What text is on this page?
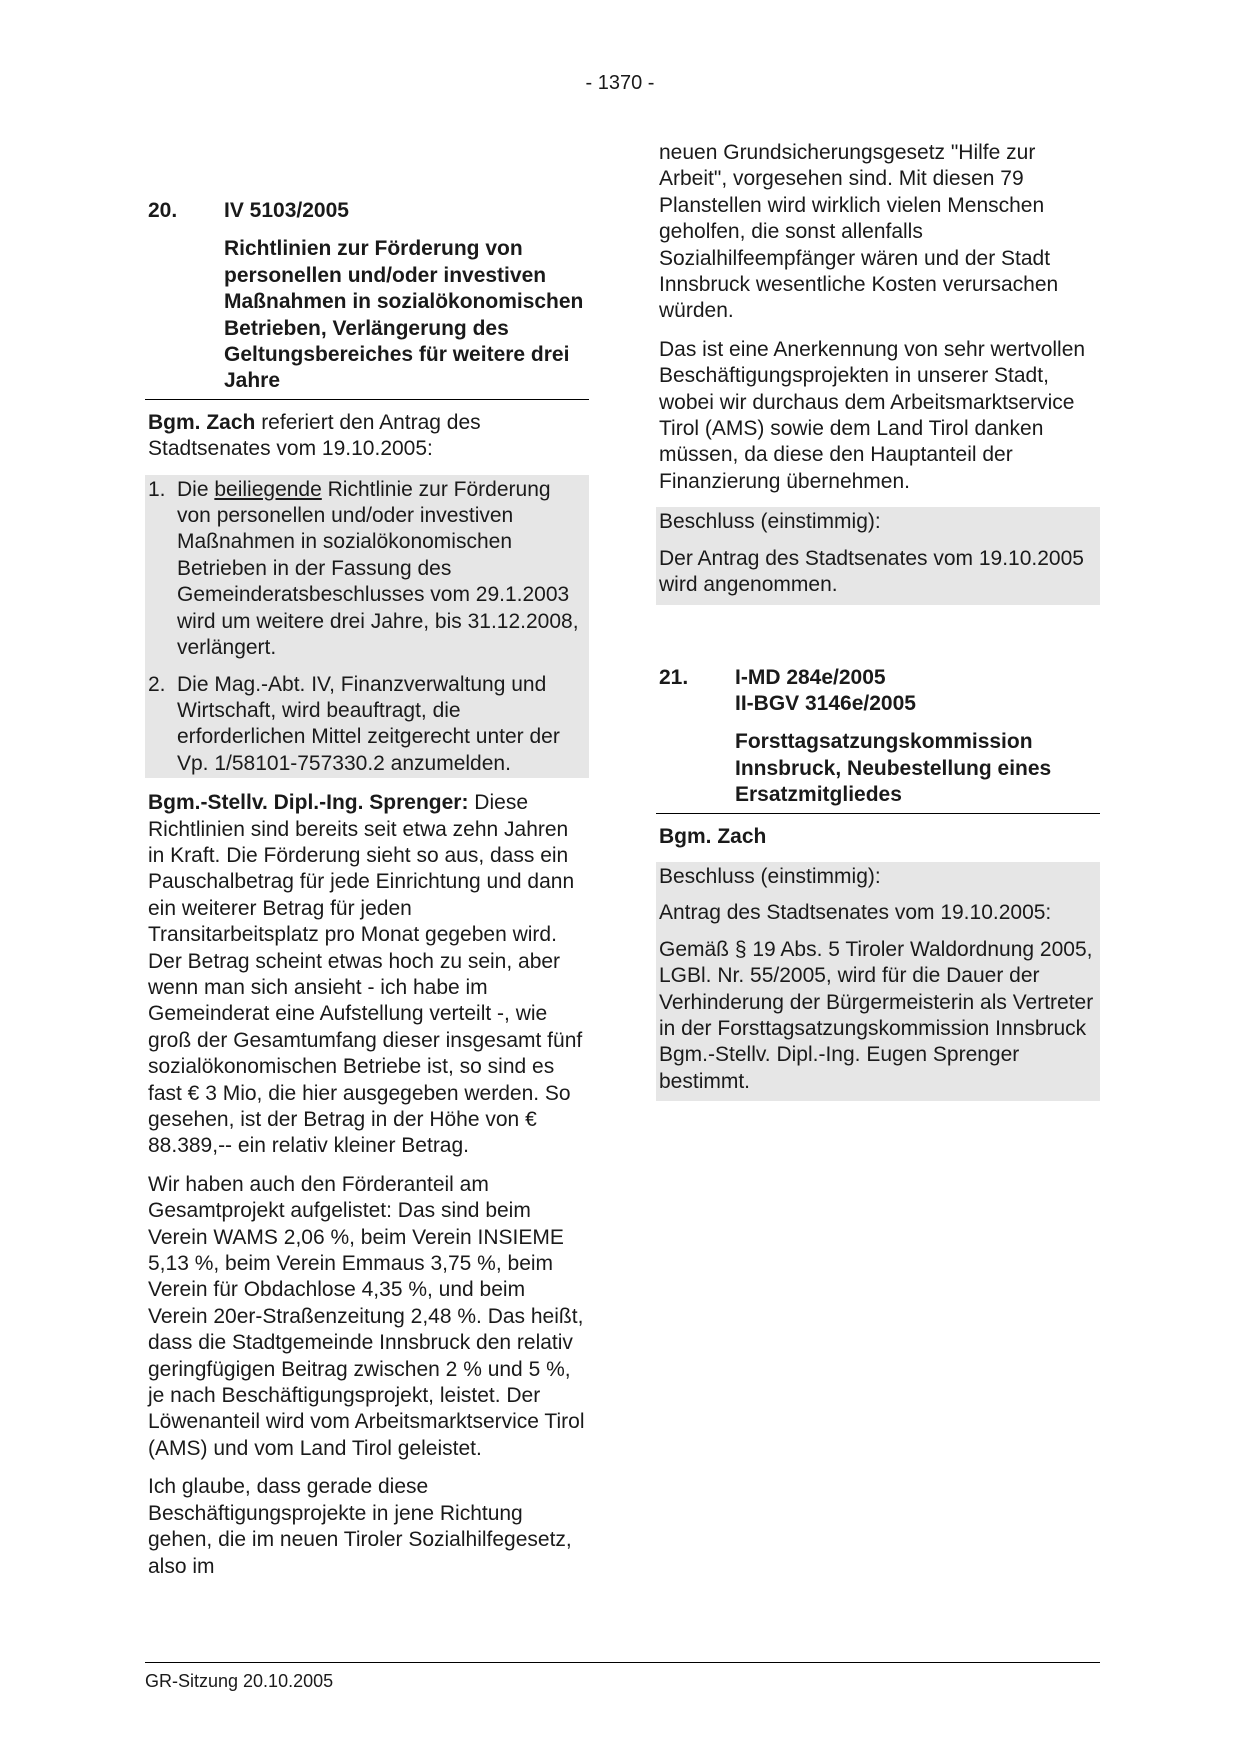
- 1370 -
20.	IV 5103/2005
Richtlinien zur Förderung von personellen und/oder investiven Maßnahmen in sozialökonomischen Betrieben, Verlängerung des Geltungsbereiches für weitere drei Jahre

Bgm. Zach referiert den Antrag des Stadtsenates vom 19.10.2005:

1. Die beiliegende Richtlinie zur Förderung von personellen und/oder investiven Maßnahmen in sozialökonomischen Betrieben in der Fassung des Gemeinderatsbeschlusses vom 29.1.2003 wird um weitere drei Jahre, bis 31.12.2008, verlängert.
2. Die Mag.-Abt. IV, Finanzverwaltung und Wirtschaft, wird beauftragt, die erforderlichen Mittel zeitgerecht unter der Vp. 1/58101-757330.2 anzumelden.

Bgm.-Stellv. Dipl.-Ing. Sprenger: Diese Richtlinien sind bereits seit etwa zehn Jahren in Kraft. Die Förderung sieht so aus, dass ein Pauschalbetrag für jede Einrichtung und dann ein weiterer Betrag für jeden Transitarbeitsplatz pro Monat gegeben wird. Der Betrag scheint etwas hoch zu sein, aber wenn man sich ansieht - ich habe im Gemeinderat eine Aufstellung verteilt -, wie groß der Gesamtumfang dieser insgesamt fünf sozialökonomischen Betriebe ist, so sind es fast € 3 Mio, die hier ausgegeben werden. So gesehen, ist der Betrag in der Höhe von € 88.389,-- ein relativ kleiner Betrag.

Wir haben auch den Förderanteil am Gesamtprojekt aufgelistet: Das sind beim Verein WAMS 2,06 %, beim Verein INSIEME 5,13 %, beim Verein Emmaus 3,75 %, beim Verein für Obdachlose 4,35 %, und beim Verein 20er-Straßenzeitung 2,48 %. Das heißt, dass die Stadtgemeinde Innsbruck den relativ geringfügigen Beitrag zwischen 2 % und 5 %, je nach Beschäftigungsprojekt, leistet. Der Löwenanteil wird vom Arbeitsmarktservice Tirol (AMS) und vom Land Tirol geleistet.

Ich glaube, dass gerade diese Beschäftigungsprojekte in jene Richtung gehen, die im neuen Tiroler Sozialhilfegesetz, also im

neuen Grundsicherungsgesetz "Hilfe zur Arbeit", vorgesehen sind. Mit diesen 79 Planstellen wird wirklich vielen Menschen geholfen, die sonst allenfalls Sozialhilfeempfänger wären und der Stadt Innsbruck wesentliche Kosten verursachen würden.

Das ist eine Anerkennung von sehr wertvollen Beschäftigungsprojekten in unserer Stadt, wobei wir durchaus dem Arbeitsmarktservice Tirol (AMS) sowie dem Land Tirol danken müssen, da diese den Hauptanteil der Finanzierung übernehmen.

Beschluss (einstimmig):

Der Antrag des Stadtsenates vom 19.10.2005 wird angenommen.

21.	I-MD 284e/2005
II-BGV 3146e/2005
Forsttagsatzungskommission Innsbruck, Neubestellung eines Ersatzmitgliedes

Bgm. Zach

Beschluss (einstimmig):

Antrag des Stadtsenates vom 19.10.2005:

Gemäß § 19 Abs. 5 Tiroler Waldordnung 2005, LGBl. Nr. 55/2005, wird für die Dauer der Verhinderung der Bürgermeisterin als Vertreter in der Forsttagsatzungskommission Innsbruck Bgm.-Stellv. Dipl.-Ing. Eugen Sprenger bestimmt.

GR-Sitzung 20.10.2005
